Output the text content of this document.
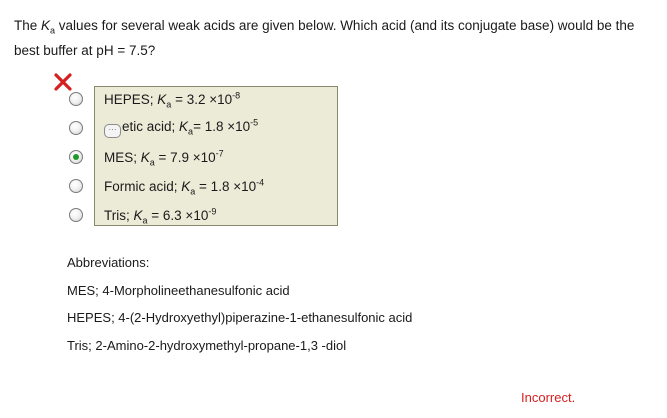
The $K_a$ values for several weak acids are given below. Which acid (and its conjugate base) would be the best buffer at pH = 7.5?

HEPES; $K_a = 3.2 \times 10^{-8}$
··· etic acid; $K_a= 1.8 \times 10^{-5}$
MES; $K_a = 7.9 \times 10^{-7}$
Formic acid; $K_a = 1.8 \times 10^{-4}$
Tris; $K_a = 6.3 \times 10^{-9}$

Abbreviations:

MES; 4-Morpholineethanesulfonic acid

HEPES; 4-(2-Hydroxyethyl)piperazine-1-ethanesulfonic acid

Tris; 2-Amino-2-hydroxymethyl-propane-1,3 -diol

Incorrect.
